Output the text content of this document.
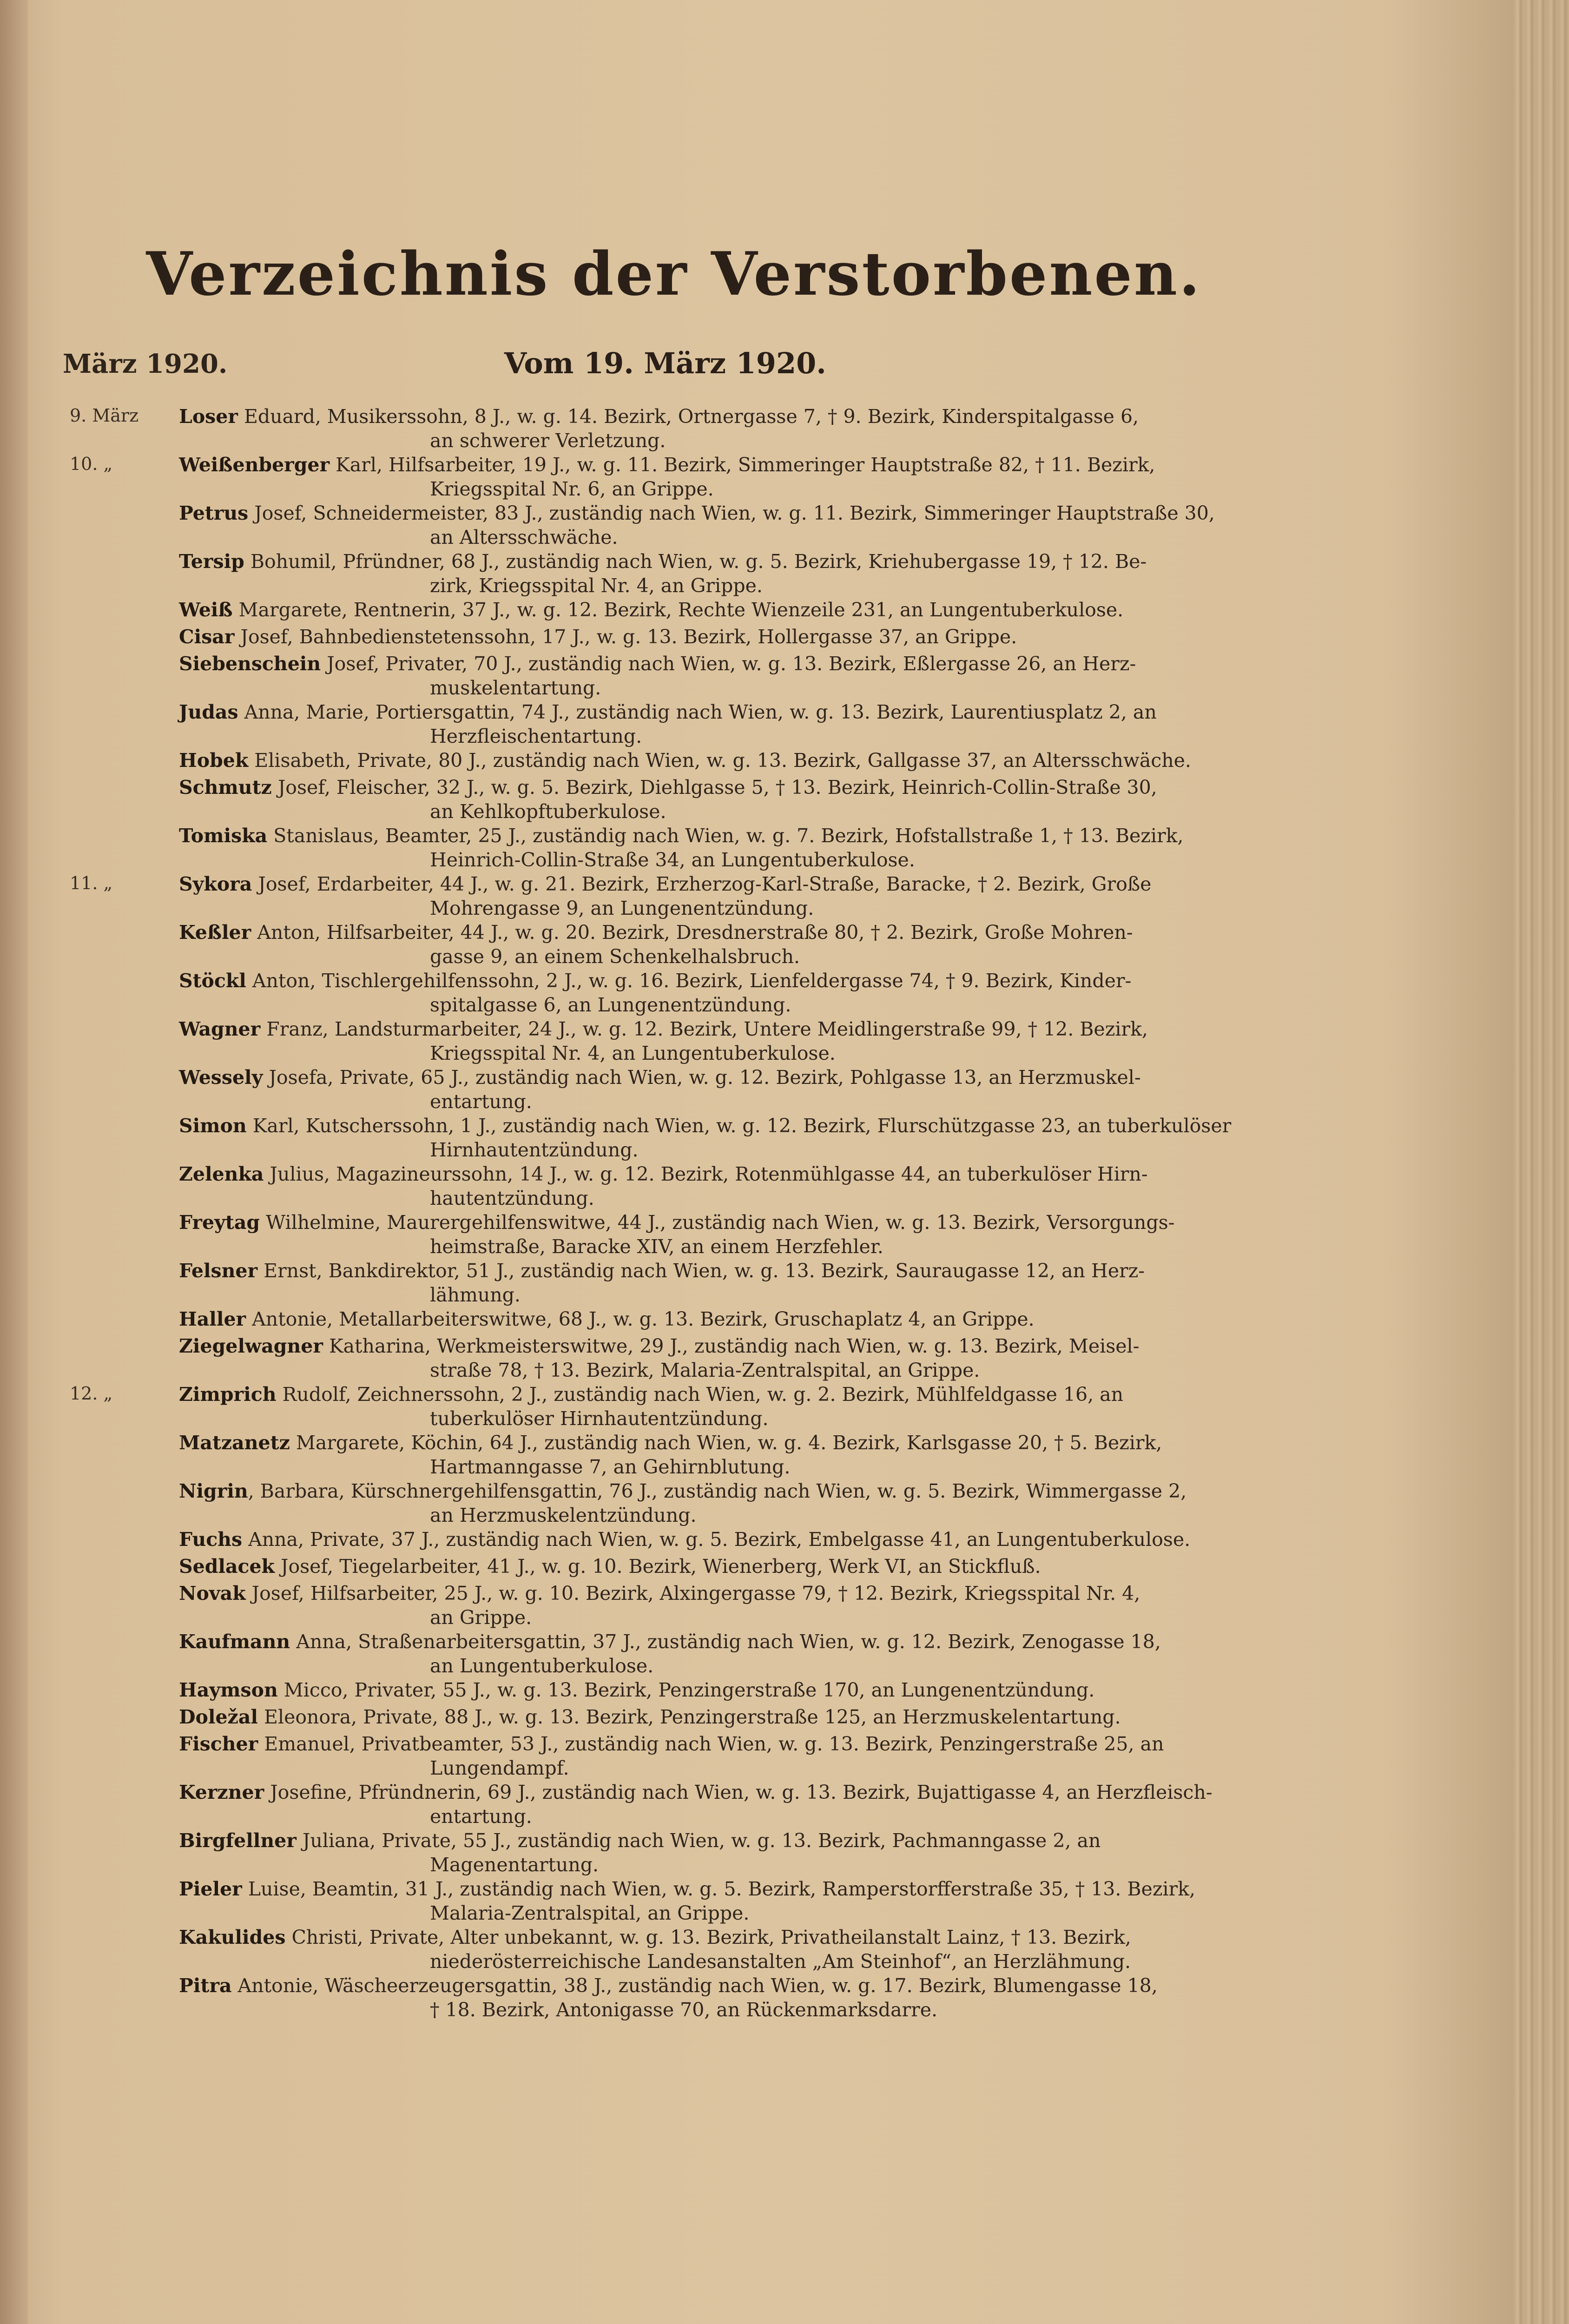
Verzeichnis der Verstorbenen.
März 1920.	Vom 19. März 1920.
9. März	Loser Eduard, Musikerssohn, 8 J., w. g. 14. Bezirk, Ortnergasse 7, † 9. Bezirk, Kinderspitalgasse 6,
an schwerer Verletzung.
10. „	Weißenberger Karl, Hilfsarbeiter, 19 J., w. g. 11. Bezirk, Simmeringer Hauptstraße 82, † 11. Bezirk,
Kriegsspital Nr. 6, an Grippe.
Petrus Josef, Schneidermeister, 83 J., zuständig nach Wien, w. g. 11. Bezirk, Simmeringer Hauptstraße 30,
an Altersschwäche.
Tersip Bohumil, Pfründner, 68 J., zuständig nach Wien, w. g. 5. Bezirk, Kriehubergasse 19, † 12. Be-
zirk, Kriegsspital Nr. 4, an Grippe.
Weiß Margarete, Rentnerin, 37 J., w. g. 12. Bezirk, Rechte Wienzeile 231, an Lungentuberkulose.
Cisar Josef, Bahnbedienstetenssohn, 17 J., w. g. 13. Bezirk, Hollergasse 37, an Grippe.
Siebenschein Josef, Privater, 70 J., zuständig nach Wien, w. g. 13. Bezirk, Eßlergasse 26, an Herz-
muskelentartung.
Judas Anna, Marie, Portiersgattin, 74 J., zuständig nach Wien, w. g. 13. Bezirk, Laurentiusplatz 2, an
Herzfleischentartung.
Hobek Elisabeth, Private, 80 J., zuständig nach Wien, w. g. 13. Bezirk, Gallgasse 37, an Altersschwäche.
Schmutz Josef, Fleischer, 32 J., w. g. 5. Bezirk, Diehlgasse 5, † 13. Bezirk, Heinrich-Collin-Straße 30,
an Kehlkopftuberkulose.
Tomiska Stanislaus, Beamter, 25 J., zuständig nach Wien, w. g. 7. Bezirk, Hofstallstraße 1, † 13. Bezirk,
Heinrich-Collin-Straße 34, an Lungentuberkulose.
11. „	Sykora Josef, Erdarbeiter, 44 J., w. g. 21. Bezirk, Erzherzog-Karl-Straße, Baracke, † 2. Bezirk, Große
Mohrengasse 9, an Lungenentzündung.
Keßler Anton, Hilfsarbeiter, 44 J., w. g. 20. Bezirk, Dresdnerstraße 80, † 2. Bezirk, Große Mohren-
gasse 9, an einem Schenkelhalsbruch.
Stöckl Anton, Tischlergehilfenssohn, 2 J., w. g. 16. Bezirk, Lienfeldergasse 74, † 9. Bezirk, Kinder-
spitalgasse 6, an Lungenentzündung.
Wagner Franz, Landsturmarbeiter, 24 J., w. g. 12. Bezirk, Untere Meidlingerstraße 99, † 12. Bezirk,
Kriegsspital Nr. 4, an Lungentuberkulose.
Wessely Josefa, Private, 65 J., zuständig nach Wien, w. g. 12. Bezirk, Pohlgasse 13, an Herzmuskel-
entartung.
Simon Karl, Kutscherssohn, 1 J., zuständig nach Wien, w. g. 12. Bezirk, Flurschützgasse 23, an tuberkulöser
Hirnhautentzündung.
Zelenka Julius, Magazineurssohn, 14 J., w. g. 12. Bezirk, Rotenmühlgasse 44, an tuberkulöser Hirn-
hautentzündung.
Freytag Wilhelmine, Maurergehilfenswitwe, 44 J., zuständig nach Wien, w. g. 13. Bezirk, Versorgungs-
heimstraße, Baracke XIV, an einem Herzfehler.
Felsner Ernst, Bankdirektor, 51 J., zuständig nach Wien, w. g. 13. Bezirk, Sauraugasse 12, an Herz-
lähmung.
Haller Antonie, Metallarbeiterswitwe, 68 J., w. g. 13. Bezirk, Gruschaplatz 4, an Grippe.
Ziegelwagner Katharina, Werkmeisterswitwe, 29 J., zuständig nach Wien, w. g. 13. Bezirk, Meisel-
straße 78, † 13. Bezirk, Malaria-Zentralspital, an Grippe.
12. „	Zimprich Rudolf, Zeichnerssohn, 2 J., zuständig nach Wien, w. g. 2. Bezirk, Mühlfeldgasse 16, an
tuberkulöser Hirnhautentzündung.
Matzanetz Margarete, Köchin, 64 J., zuständig nach Wien, w. g. 4. Bezirk, Karlsgasse 20, † 5. Bezirk,
Hartmanngasse 7, an Gehirnblutung.
Nigrin, Barbara, Kürschnergehilfensgattin, 76 J., zuständig nach Wien, w. g. 5. Bezirk, Wimmergasse 2,
an Herzmuskelentzündung.
Fuchs Anna, Private, 37 J., zuständig nach Wien, w. g. 5. Bezirk, Embelgasse 41, an Lungentuberkulose.
Sedlacek Josef, Tiegelarbeiter, 41 J., w. g. 10. Bezirk, Wienerberg, Werk VI, an Stickfluß.
Novak Josef, Hilfsarbeiter, 25 J., w. g. 10. Bezirk, Alxingergasse 79, † 12. Bezirk, Kriegsspital Nr. 4,
an Grippe.
Kaufmann Anna, Straßenarbeitersgattin, 37 J., zuständig nach Wien, w. g. 12. Bezirk, Zenogasse 18,
an Lungentuberkulose.
Haymson Micco, Privater, 55 J., w. g. 13. Bezirk, Penzingerstraße 170, an Lungenentzündung.
Doležal Eleonora, Private, 88 J., w. g. 13. Bezirk, Penzingerstraße 125, an Herzmuskelentartung.
Fischer Emanuel, Privatbeamter, 53 J., zuständig nach Wien, w. g. 13. Bezirk, Penzingerstraße 25, an
Lungendampf.
Kerzner Josefine, Pfründnerin, 69 J., zuständig nach Wien, w. g. 13. Bezirk, Bujattigasse 4, an Herzfleisch-
entartung.
Birgfellner Juliana, Private, 55 J., zuständig nach Wien, w. g. 13. Bezirk, Pachmanngasse 2, an
Magenentartung.
Pieler Luise, Beamtin, 31 J., zuständig nach Wien, w. g. 5. Bezirk, Ramperstorfferstraße 35, † 13. Bezirk,
Malaria-Zentralspital, an Grippe.
Kakulides Christi, Private, Alter unbekannt, w. g. 13. Bezirk, Privatheilanstalt Lainz, † 13. Bezirk,
niederösterreichische Landesanstalten „Am Steinhof“, an Herzlähmung.
Pitra Antonie, Wäscheerzeugersgattin, 38 J., zuständig nach Wien, w. g. 17. Bezirk, Blumengasse 18,
† 18. Bezirk, Antonigasse 70, an Rückenmarksdarre.
